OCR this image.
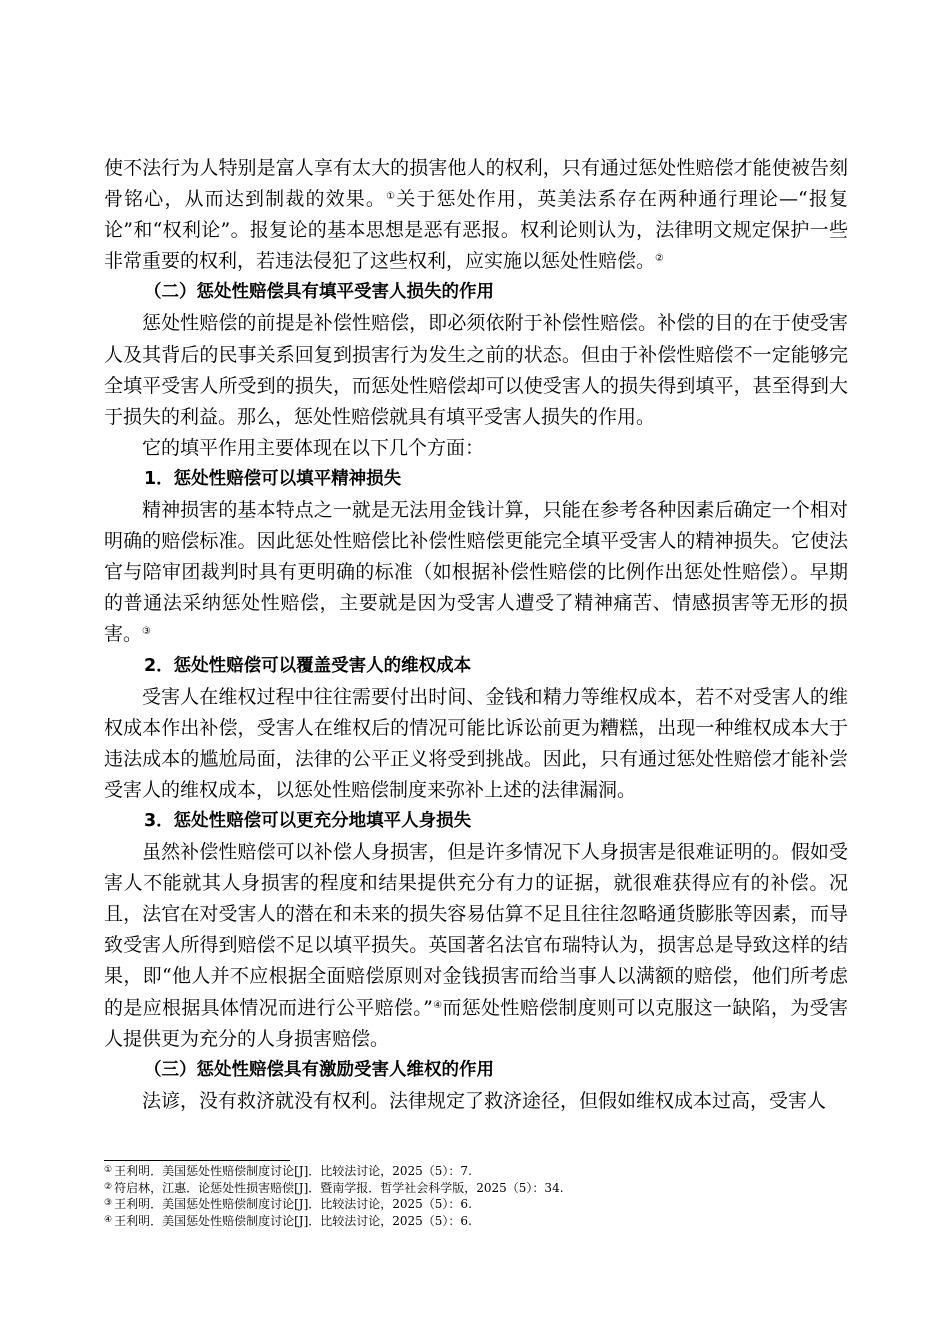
使不法行为人特别是富人享有太大的损害他人的权利，只有通过惩处性赔偿才能使被告刻骨铭心，从而达到制裁的效果。①关于惩处作用，英美法系存在两种通行理论—“报复论”和“权利论”。报复论的基本思想是恶有恶报。权利论则认为，法律明文规定保护一些非常重要的权利，若违法侵犯了这些权利，应实施以惩处性赔偿。②

（二）惩处性赔偿具有填平受害人损失的作用

惩处性赔偿的前提是补偿性赔偿，即必须依附于补偿性赔偿。补偿的目的在于使受害人及其背后的民事关系回复到损害行为发生之前的状态。但由于补偿性赔偿不一定能够完全填平受害人所受到的损失，而惩处性赔偿却可以使受害人的损失得到填平，甚至得到大于损失的利益。那么，惩处性赔偿就具有填平受害人损失的作用。

它的填平作用主要体现在以下几个方面：

1．惩处性赔偿可以填平精神损失

精神损害的基本特点之一就是无法用金钱计算，只能在参考各种因素后确定一个相对明确的赔偿标准。因此惩处性赔偿比补偿性赔偿更能完全填平受害人的精神损失。它使法官与陪审团裁判时具有更明确的标准（如根据补偿性赔偿的比例作出惩处性赔偿）。早期的普通法采纳惩处性赔偿，主要就是因为受害人遭受了精神痛苦、情感损害等无形的损害。③

2．惩处性赔偿可以覆盖受害人的维权成本

受害人在维权过程中往往需要付出时间、金钱和精力等维权成本，若不对受害人的维权成本作出补偿，受害人在维权后的情况可能比诉讼前更为糟糕，出现一种维权成本大于违法成本的尴尬局面，法律的公平正义将受到挑战。因此，只有通过惩处性赔偿才能补尝受害人的维权成本，以惩处性赔偿制度来弥补上述的法律漏洞。

3．惩处性赔偿可以更充分地填平人身损失

虽然补偿性赔偿可以补偿人身损害，但是许多情况下人身损害是很难证明的。假如受害人不能就其人身损害的程度和结果提供充分有力的证据，就很难获得应有的补偿。况且，法官在对受害人的潜在和未来的损失容易估算不足且往往忽略通货膨胀等因素，而导致受害人所得到赔偿不足以填平损失。英国著名法官布瑞特认为，损害总是导致这样的结果，即“他人并不应根据全面赔偿原则对金钱损害而给当事人以满额的赔偿，他们所考虑的是应根据具体情况而进行公平赔偿。”④而惩处性赔偿制度则可以克服这一缺陷，为受害人提供更为充分的人身损害赔偿。

（三）惩处性赔偿具有激励受害人维权的作用

法谚，没有救济就没有权利。法律规定了救济途径，但假如维权成本过高，受害人

① 王利明．美国惩处性赔偿制度讨论[J]．比较法讨论，2025（5）：7.
② 符启林，江惠．论惩处性损害赔偿[J]．暨南学报．哲学社会科学版，2025（5）：34.
③ 王利明．美国惩处性赔偿制度讨论[J]．比较法讨论，2025（5）：6.
④ 王利明．美国惩处性赔偿制度讨论[J]．比较法讨论，2025（5）：6.
